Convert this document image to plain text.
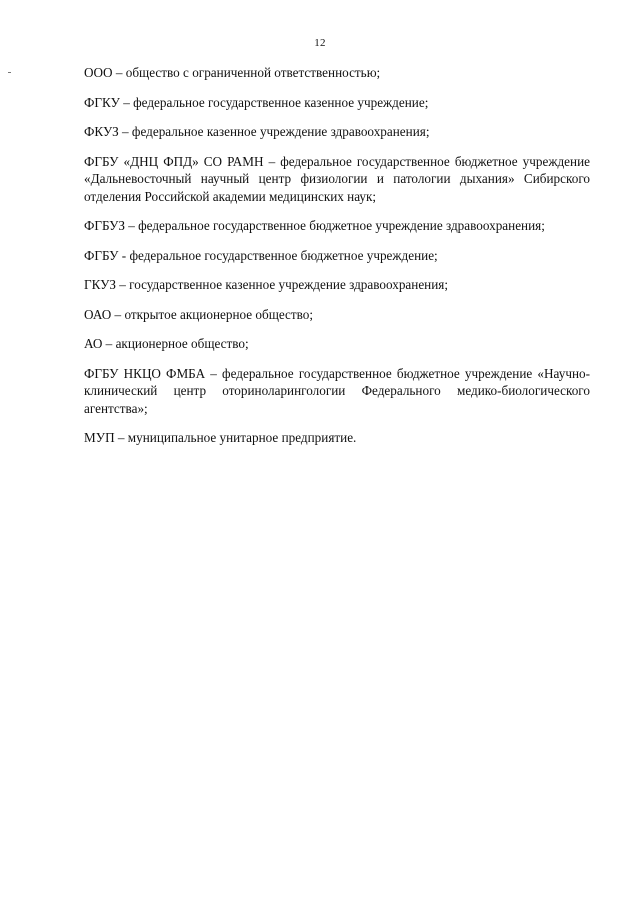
12

ООО – общество с ограниченной ответственностью;

ФГКУ – федеральное государственное казенное учреждение;

ФКУЗ – федеральное казенное учреждение здравоохранения;

ФГБУ «ДНЦ ФПД» СО РАМН – федеральное государственное бюджетное учреждение «Дальневосточный научный центр физиологии и патологии дыхания» Сибирского отделения Российской академии медицинских наук;

ФГБУЗ – федеральное государственное бюджетное учреждение здравоохранения;

ФГБУ - федеральное государственное бюджетное учреждение;

ГКУЗ – государственное казенное учреждение здравоохранения;

ОАО – открытое акционерное общество;

АО – акционерное общество;

ФГБУ НКЦО ФМБА – федеральное государственное бюджетное учреждение «Научно-клинический центр оториноларингологии Федерального медико-биологического агентства»;

МУП – муниципальное унитарное предприятие.
